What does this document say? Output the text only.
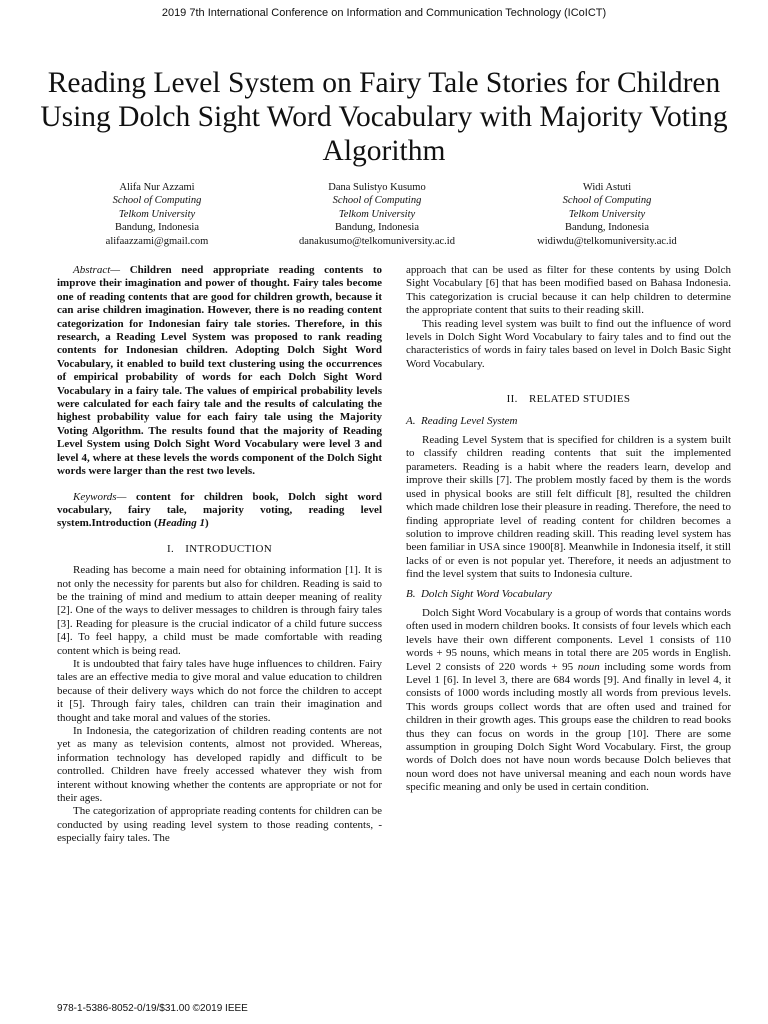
2019 7th International Conference on Information and Communication Technology (ICoICT)
Reading Level System on Fairy Tale Stories for Children Using Dolch Sight Word Vocabulary with Majority Voting Algorithm
Alifa Nur Azzami
School of Computing
Telkom University
Bandung, Indonesia
alifaazzami@gmail.com
Dana Sulistyo Kusumo
School of Computing
Telkom University
Bandung, Indonesia
danakusumo@telkomuniversity.ac.id
Widi Astuti
School of Computing
Telkom University
Bandung, Indonesia
widiwdu@telkomuniversity.ac.id

Abstract— Children need appropriate reading contents to improve their imagination and power of thought. Fairy tales become one of reading contents that are good for children growth, because it can arise children imagination. However, there is no reading content categorization for Indonesian fairy tale stories. Therefore, in this research, a Reading Level System was proposed to rank reading contents for Indonesian children. Adopting Dolch Sight Word Vocabulary, it enabled to build text clustering using the occurrences of empirical probability of words for each Dolch Sight Word Vocabulary in a fairy tale. The values of empirical probability levels were calculated for each fairy tale and the results of calculating the highest probability value for each fairy tale using the Majority Voting Algorithm. The results found that the majority of Reading Level System using Dolch Sight Word Vocabulary were level 3 and level 4, where at these levels the words component of the Dolch Sight words were larger than the rest two levels.

Keywords— content for children book, Dolch sight word vocabulary, fairy tale, majority voting, reading level system.Introduction (Heading 1)

I. INTRODUCTION

Reading has become a main need for obtaining information [1]. It is not only the necessity for parents but also for children. Reading is said to be the training of mind and medium to attain deeper meaning of reality [2]. One of the ways to deliver messages to children is through fairy tales [3]. Reading for pleasure is the crucial indicator of a child future success [4]. To feel happy, a child must be made comfortable with reading content which is being read.

It is undoubted that fairy tales have huge influences to children. Fairy tales are an effective media to give moral and value education to children because of their delivery ways which do not force the children to accept it [5]. Through fairy tales, children can train their imagination and thought and take moral and values of the stories.

In Indonesia, the categorization of children reading contents are not yet as many as television contents, almost not provided. Whereas, information technology has developed rapidly and difficult to be controlled. Children have freely accessed whatever they wish from interent without knowing whether the contents are appropriate or not for their ages.

The categorization of appropriate reading contents for children can be conducted by using reading level system to those reading contents, - especially fairy tales. The

approach that can be used as filter for these contents by using Dolch Sight Vocabulary [6] that has been modified based on Bahasa Indonesia. This categorization is crucial because it can help children to determine the appropriate content that suits to their reading skill.

This reading level system was built to find out the influence of word levels in Dolch Sight Word Vocabulary to fairy tales and to find out the characteristics of words in fairy tales based on level in Dolch Basic Sight Word Vocabulary.

II. RELATED STUDIES
A. Reading Level System

Reading Level System that is specified for children is a system built to classify children reading contents that suit the implemented parameters. Reading is a habit where the readers learn, develop and improve their skills [7]. The problem mostly faced by them is the words used in physical books are still felt difficult [8], resulted the children which made children lose their pleasure in reading. Therefore, the need to finding appropriate level of reading content for children becomes a solution to improve children reading skill. This reading level system has been familiar in USA since 1900[8]. Meanwhile in Indonesia itself, it still lacks of or even is not popular yet. Therefore, it needs an adjustment to find the level system that suits to Indonesia culture.

B. Dolch Sight Word Vocabulary

Dolch Sight Word Vocabulary is a group of words that contains words often used in modern children books. It consists of four levels which each levels have their own different components. Level 1 consists of 110 words + 95 nouns, which means in total there are 205 words in English. Level 2 consists of 220 words + 95 noun including some words from Level 1 [6]. In level 3, there are 684 words [9]. And finally in level 4, it consists of 1000 words including mostly all words from previous levels. This words groups collect words that are often used and trained for children in their growth ages. This groups ease the children to read books thus they can focus on words in the group [10]. There are some assumption in grouping Dolch Sight Word Vocabulary. First, the group words of Dolch does not have noun words because Dolch believes that noun word does not have universal meaning and each noun words have specific meaning and only be used in certain condition.

978-1-5386-8052-0/19/$31.00 ©2019 IEEE
